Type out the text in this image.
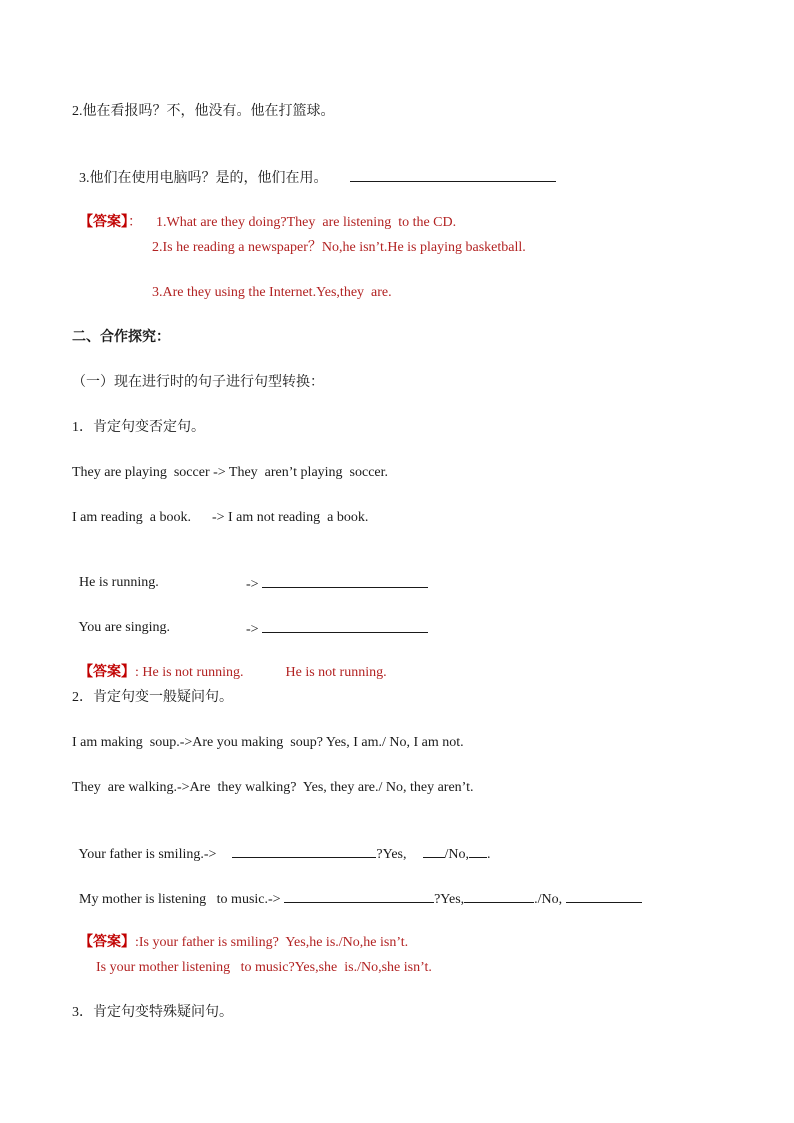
2.他在看报吗？不，他没有。他在打篮球。

3.他们在使用电脑吗？是的，他们在用。

【答案】： 1.What are they doing?They  are listening  to the CD.

2.Is he reading a newspaper？No,he isn’t.He is playing basketball.
3.Are they using the Internet.Yes,they  are.
二、合作探究：
（一）现在进行时的句子进行句型转换：
1．肯定句变否定句。
They are playing  soccer -> They  aren’t playing  soccer.
I am reading  a book.      -> I am not reading  a book.

He is running.	->

You are singing.	->

【答案】: He is not running.            He is not running.

2．肯定句变一般疑问句。
I am making  soup.->Are you making  soup? Yes, I am./ No, I am not.
They  are walking.->Are  they walking?  Yes, they are./ No, they aren’t.

Your father is smiling.->	?Yes,	/No, .

My mother is listening   to music.->	?Yes,	./No,

【答案】:Is your father is smiling?  Yes,he is./No,he isn’t.

Is your mother listening   to music?Yes,she  is./No,she isn’t.
3．肯定句变特殊疑问句。
